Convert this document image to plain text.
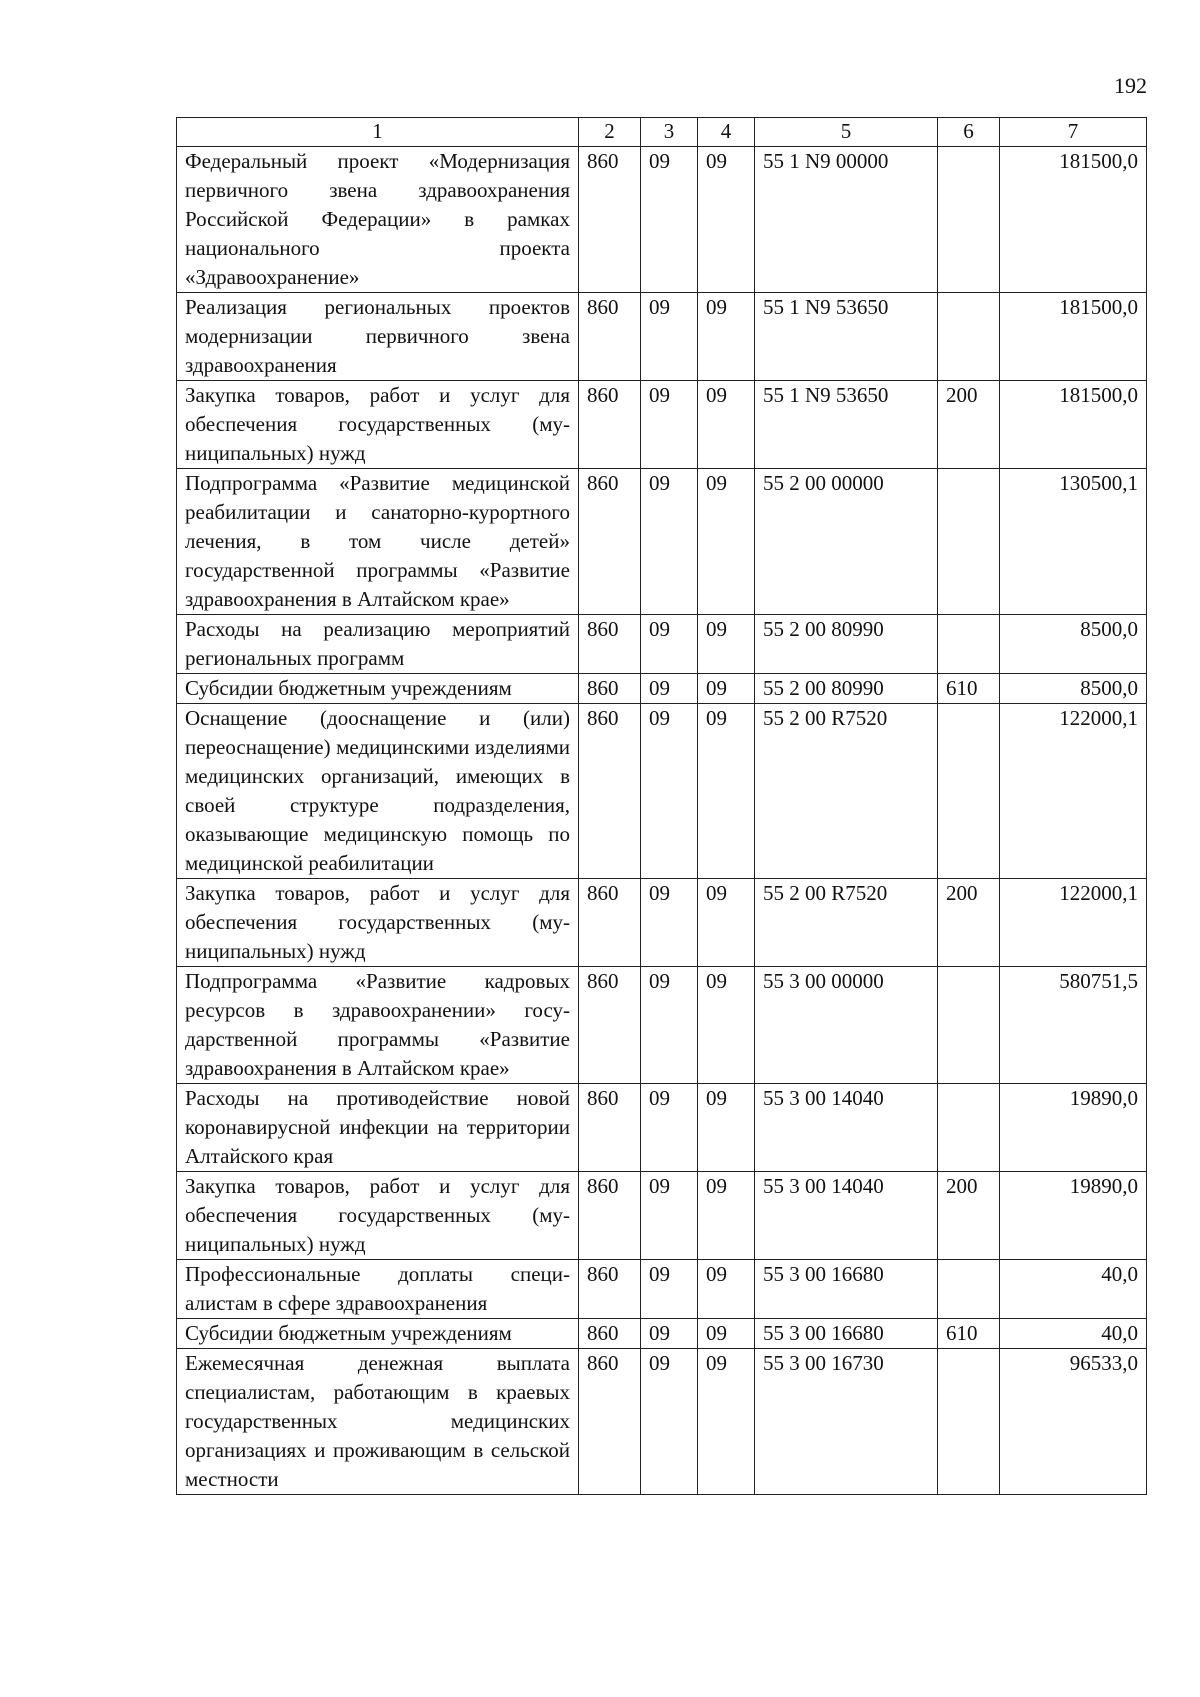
192
1	2	3	4	5	6	7
Федеральный проект «Модернизация первичного звена здравоохранения Российской Федерации» в рамках национального проекта «Здравоохранение»	860	09	09	55 1 N9 00000		181500,0
Реализация региональных проектов модернизации первичного звена здравоохранения	860	09	09	55 1 N9 53650		181500,0
Закупка товаров, работ и услуг для обеспечения государственных (муниципальных) нужд	860	09	09	55 1 N9 53650	200	181500,0
Подпрограмма «Развитие медицинской реабилитации и санаторно-курортного лечения, в том числе детей» государственной программы «Развитие здравоохранения в Алтайском крае»	860	09	09	55 2 00 00000		130500,1
Расходы на реализацию мероприятий региональных программ	860	09	09	55 2 00 80990		8500,0
Субсидии бюджетным учреждениям	860	09	09	55 2 00 80990	610	8500,0
Оснащение (дооснащение и (или) переоснащение) медицинскими изделиями медицинских организаций, имеющих в своей структуре подразделения, оказывающие медицинскую помощь по медицинской реабилитации	860	09	09	55 2 00 R7520		122000,1
Закупка товаров, работ и услуг для обеспечения государственных (муниципальных) нужд	860	09	09	55 2 00 R7520	200	122000,1
Подпрограмма «Развитие кадровых ресурсов в здравоохранении» государственной программы «Развитие здравоохранения в Алтайском крае»	860	09	09	55 3 00 00000		580751,5
Расходы на противодействие новой коронавирусной инфекции на территории Алтайского края	860	09	09	55 3 00 14040		19890,0
Закупка товаров, работ и услуг для обеспечения государственных (муниципальных) нужд	860	09	09	55 3 00 14040	200	19890,0
Профессиональные доплаты специалистам в сфере здравоохранения	860	09	09	55 3 00 16680		40,0
Субсидии бюджетным учреждениям	860	09	09	55 3 00 16680	610	40,0
Ежемесячная денежная выплата специалистам, работающим в краевых государственных медицинских организациях и проживающим в сельской местности	860	09	09	55 3 00 16730		96533,0
